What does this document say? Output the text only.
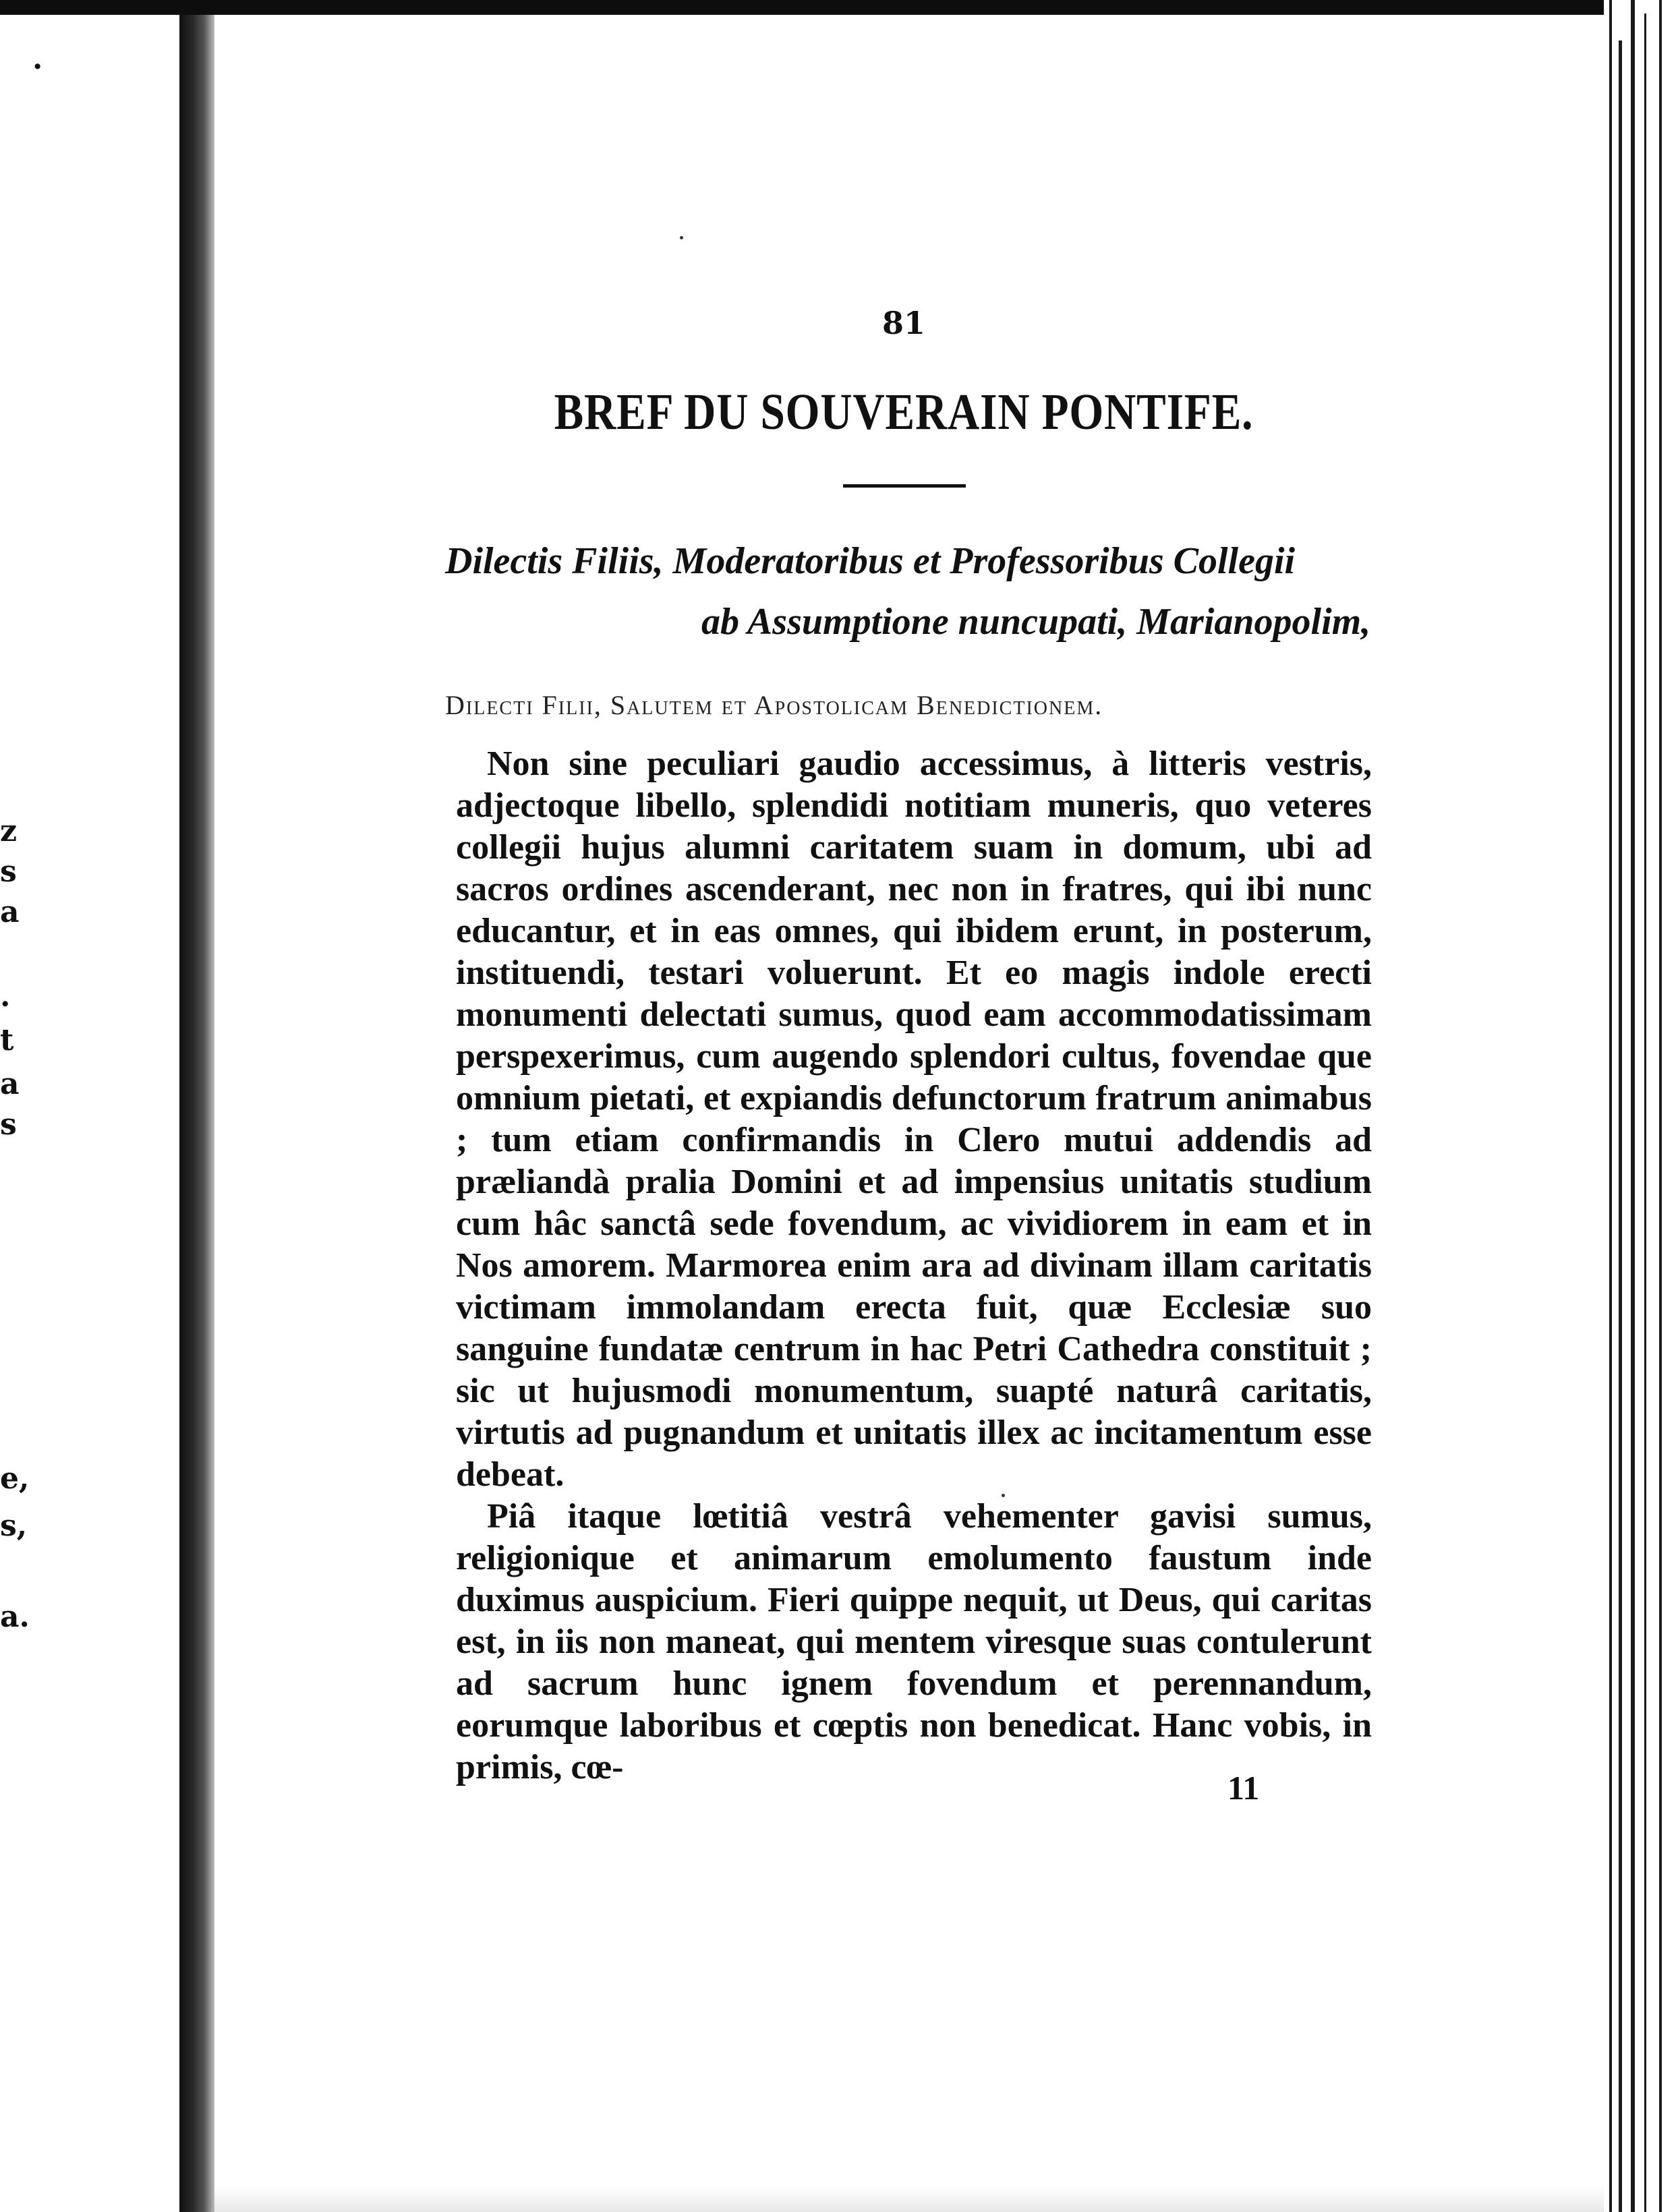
.
z
s
a
.
t
a
s
e,
s,
a.
81
BREF DU SOUVERAIN PONTIFE.
Dilectis Filiis, Moderatoribus et Professoribus Collegii
ab Assumptione nuncupati, Marianopolim,
Dilecti Filii, Salutem et Apostolicam Benedictionem.

Non sine peculiari gaudio accessimus, à litteris vestris, adjectoque libello, splendidi notitiam muneris, quo veteres collegii hujus alumni caritatem suam in domum, ubi ad sacros ordines ascenderant, nec non in fratres, qui ibi nunc educantur, et in eas omnes, qui ibidem erunt, in posterum, instituendi, testari voluerunt. Et eo magis indole erecti monumenti delectati sumus, quod eam accommodatissimam perspexerimus, cum augendo splendori cultus, fovendae que omnium pietati, et expiandis defunctorum fratrum animabus ; tum etiam confirmandis in Clero mutui addendis ad præliandà pralia Domini et ad impensius unitatis studium cum hâc sanctâ sede fovendum, ac vividiorem in eam et in Nos amorem. Marmorea enim ara ad divinam illam caritatis victimam immolandam erecta fuit, quæ Ecclesiæ suo sanguine fundatæ centrum in hac Petri Cathedra constituit ; sic ut hujusmodi monumentum, suapté naturâ caritatis, virtutis ad pugnandum et unitatis illex ac incitamentum esse debeat.

Piâ itaque lœtitiâ vestrâ vehementer gavisi sumus, religionique et animarum emolumento faustum inde duximus auspicium. Fieri quippe nequit, ut Deus, qui caritas est, in iis non maneat, qui mentem viresque suas contulerunt ad sacrum hunc ignem fovendum et perennandum, eorumque laboribus et cœptis non benedicat. Hanc vobis, in primis, cœ-

11
